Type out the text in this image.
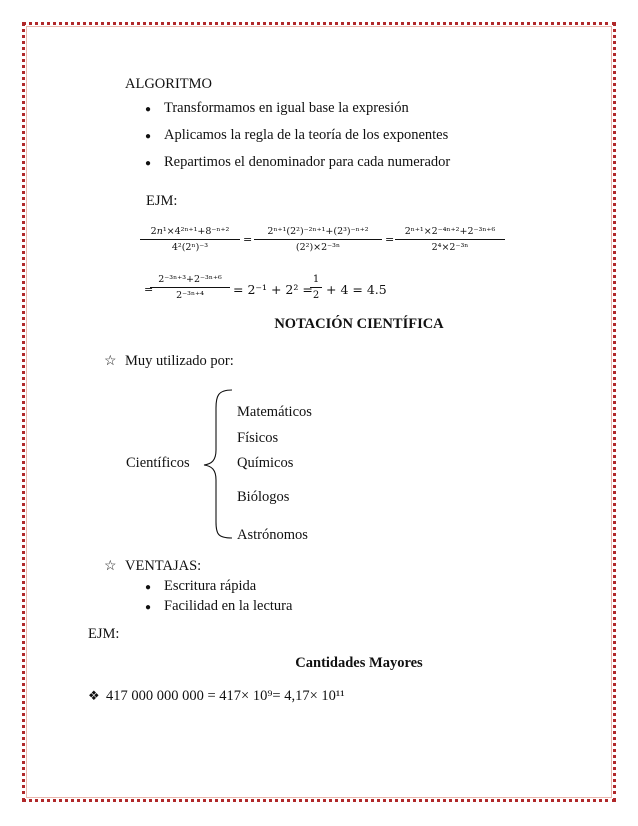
ALGORITMO
● Transformamos en igual base la expresión
● Aplicamos la regla de la teoría de los exponentes
● Repartimos el denominador para cada numerador
EJM:
2𝑛¹×4²ⁿ⁺¹+8⁻ⁿ⁺²
4²(2ⁿ)⁻³
= $\frac{\text{2ⁿ⁺¹(2²)⁻²ⁿ⁺¹+(2³)⁻ⁿ⁺²}}{\text{(2²)×2⁻³ⁿ}} = \frac{\text{2ⁿ⁺¹×2⁻⁴ⁿ⁺²+2⁻³ⁿ⁺⁶}}{\text{2⁴×2⁻³ⁿ}}$
=
$\frac{\text{2⁻³ⁿ⁺³+2⁻³ⁿ⁺⁶}}{\text{2⁻³ⁿ⁺⁴}} = 2^{-1} + 2^2$ =
$\frac{1}{2} + 4 = 4.5$
NOTACIÓN CIENTÍFICA
☆ Muy utilizado por:
Matemáticos
Físicos
Científicos	Químicos
Biólogos
Astrónomos
☆ VENTAJAS:
● Escritura rápida
● Facilidad en la lectura
EJM:
Cantidades Mayores
❖ 417 000 000 000 = 417× 10⁹= 4,17× 10¹¹
